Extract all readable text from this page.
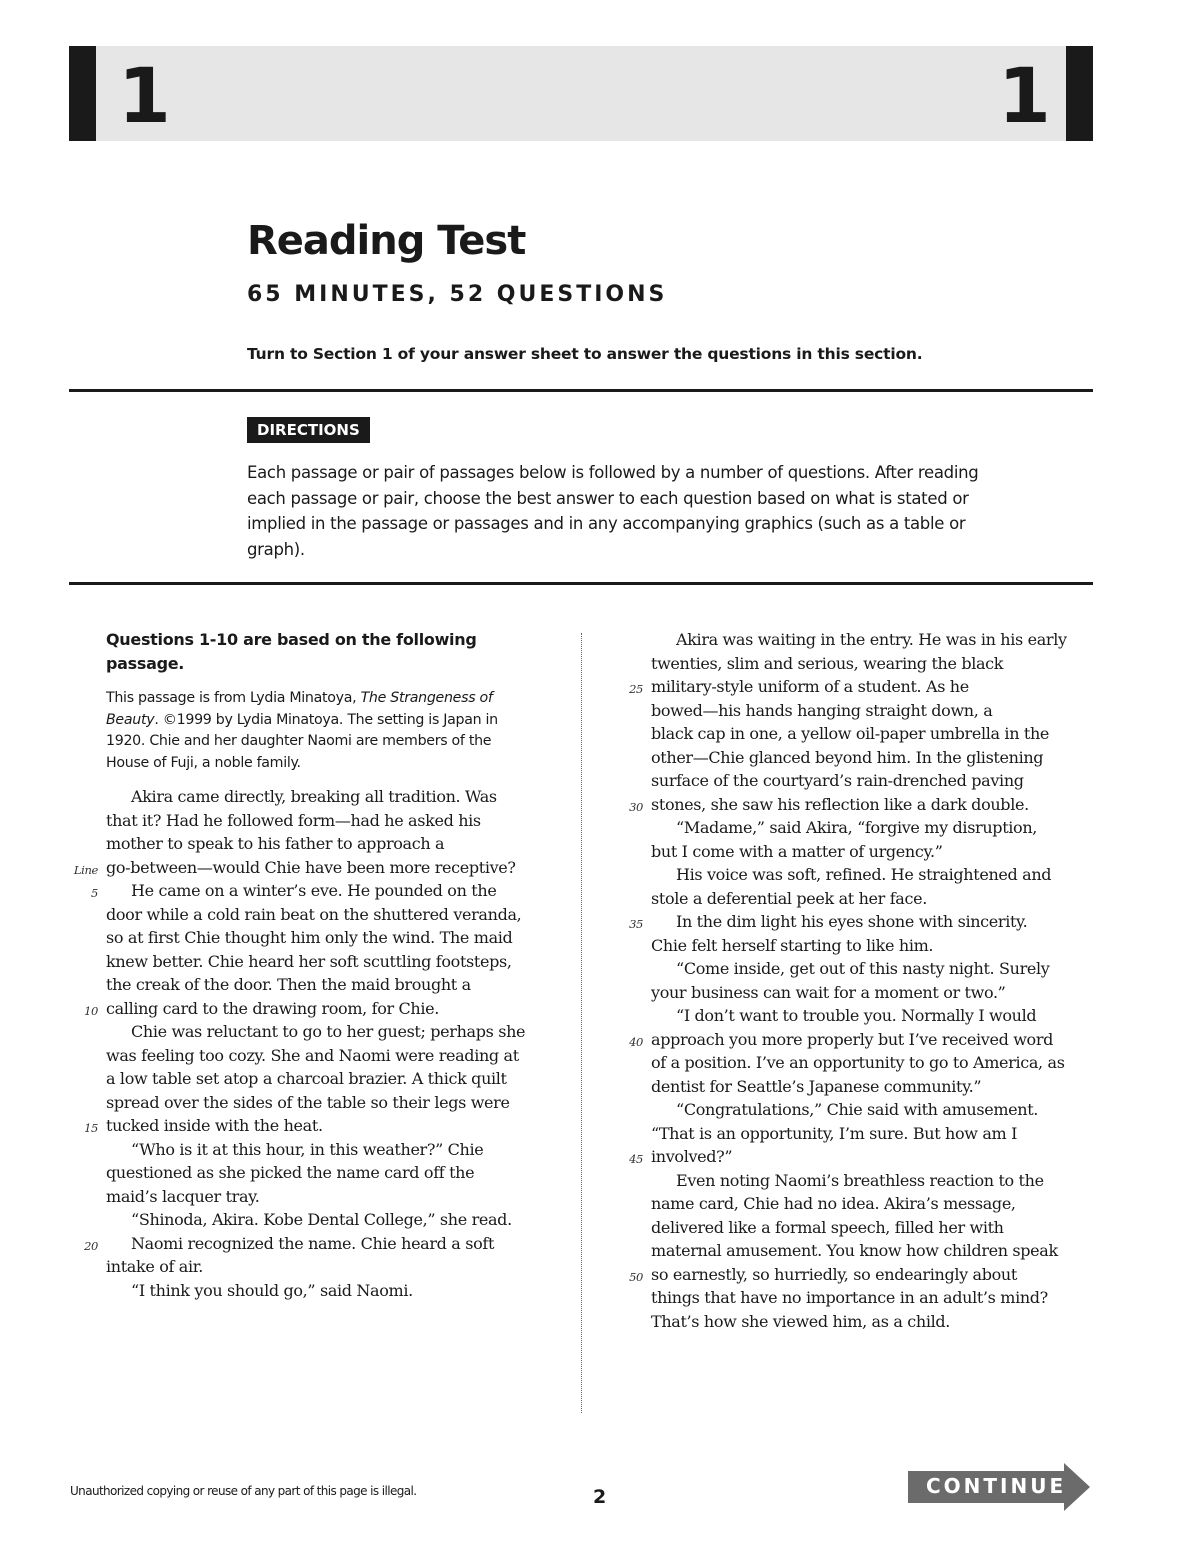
1	1
Reading Test
65 MINUTES, 52 QUESTIONS
Turn to Section 1 of your answer sheet to answer the questions in this section.
DIRECTIONS
Each passage or pair of passages below is followed by a number of questions. After reading
each passage or pair, choose the best answer to each question based on what is stated or
implied in the passage or passages and in any accompanying graphics (such as a table or
graph).
Questions 1-10 are based on the following
passage.
This passage is from Lydia Minatoya, The Strangeness of
Beauty. ©1999 by Lydia Minatoya. The setting is Japan in
1920. Chie and her daughter Naomi are members of the
House of Fuji, a noble family.
Akira came directly, breaking all tradition. Was
that it? Had he followed form—had he asked his
mother to speak to his father to approach a
Line go-between—would Chie have been more receptive?
5 He came on a winter’s eve. He pounded on the
door while a cold rain beat on the shuttered veranda,
so at first Chie thought him only the wind. The maid
knew better. Chie heard her soft scuttling footsteps,
the creak of the door. Then the maid brought a
10 calling card to the drawing room, for Chie.
Chie was reluctant to go to her guest; perhaps she
was feeling too cozy. She and Naomi were reading at
a low table set atop a charcoal brazier. A thick quilt
spread over the sides of the table so their legs were
15 tucked inside with the heat.
“Who is it at this hour, in this weather?” Chie
questioned as she picked the name card off the
maid’s lacquer tray.
“Shinoda, Akira. Kobe Dental College,” she read.
20 Naomi recognized the name. Chie heard a soft
intake of air.
“I think you should go,” said Naomi.
Akira was waiting in the entry. He was in his early
twenties, slim and serious, wearing the black
25 military-style uniform of a student. As he
bowed—his hands hanging straight down, a
black cap in one, a yellow oil-paper umbrella in the
other—Chie glanced beyond him. In the glistening
surface of the courtyard’s rain-drenched paving
30 stones, she saw his reflection like a dark double.
“Madame,” said Akira, “forgive my disruption,
but I come with a matter of urgency.”
His voice was soft, refined. He straightened and
stole a deferential peek at her face.
35 In the dim light his eyes shone with sincerity.
Chie felt herself starting to like him.
“Come inside, get out of this nasty night. Surely
your business can wait for a moment or two.”
“I don’t want to trouble you. Normally I would
40 approach you more properly but I’ve received word
of a position. I’ve an opportunity to go to America, as
dentist for Seattle’s Japanese community.”
“Congratulations,” Chie said with amusement.
“That is an opportunity, I’m sure. But how am I
45 involved?”
Even noting Naomi’s breathless reaction to the
name card, Chie had no idea. Akira’s message,
delivered like a formal speech, filled her with
maternal amusement. You know how children speak
50 so earnestly, so hurriedly, so endearingly about
things that have no importance in an adult’s mind?
That’s how she viewed him, as a child.
Unauthorized copying or reuse of any part of this page is illegal.	2	CONTINUE
